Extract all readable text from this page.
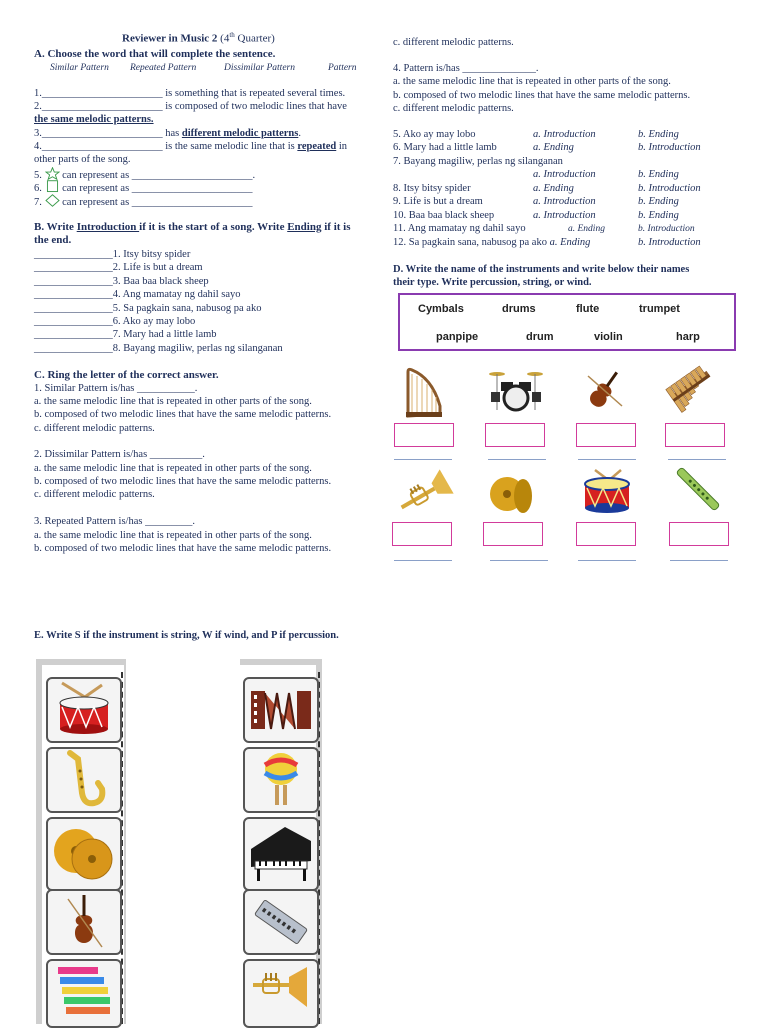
Reviewer in Music 2 (4th Quarter)
A. Choose the word that will complete the sentence.
Similar Pattern Repeated Pattern	Dissimilar Pattern	Pattern
1._______________________ is something that is repeated several times.
2._______________________ is composed of two melodic lines that have
the same melodic patterns.
3._______________________ has different melodic patterns.
4._______________________ is the same melodic line that is repeated in
other parts of the song.
5.  can represent as _______________________.
6.  can represent as _______________________
7.  can represent as _______________________
B. Write Introduction if it is the start of a song. Write Ending if it is
the end.
_______________1. Itsy bitsy spider
_______________2. Life is but a dream
_______________3. Baa baa black sheep
_______________4. Ang mamatay ng dahil sayo
_______________5. Sa pagkain sana, nabusog pa ako
_______________6. Ako ay may lobo
_______________7. Mary had a little lamb
_______________8. Bayang magiliw, perlas ng silanganan
C. Ring the letter of the correct answer.
1. Similar Pattern is/has ___________.
a. the same melodic line that is repeated in other parts of the song.
b. composed of two melodic lines that have the same melodic patterns.
c. different melodic patterns.
2. Dissimilar Pattern is/has __________.
a. the same melodic line that is repeated in other parts of the song.
b. composed of two melodic lines that have the same melodic patterns.
c. different melodic patterns.
3. Repeated Pattern is/has _________.
a. the same melodic line that is repeated in other parts of the song.
b. composed of two melodic lines that have the same melodic patterns.
c. different melodic patterns.
4. Pattern is/has ______________.
a. the same melodic line that is repeated in other parts of the song.
b. composed of two melodic lines that have the same melodic patterns.
c. different melodic patterns.
5. Ako ay may lobo	a. Introduction	b. Ending
6. Mary had a little lamb	a. Ending	b. Introduction
7. Bayang magiliw, perlas ng silanganan
a. Introduction	b. Ending
8. Itsy bitsy spider	a. Ending	b. Introduction
9. Life is but a dream	a. Introduction	b. Ending
10. Baa baa black sheep	a. Introduction	b. Ending
11. Ang mamatay ng dahil sayo	a. Ending	b. Introduction
12. Sa pagkain sana, nabusog pa ako a. Ending	b. Introduction
D. Write the name of the instruments and write below their names
their type. Write percussion, string, or wind.
Cymbals	drums	flute	trumpet
panpipe	drum	violin	harp
E. Write S if the instrument is string, W if wind, and P if percussion.
